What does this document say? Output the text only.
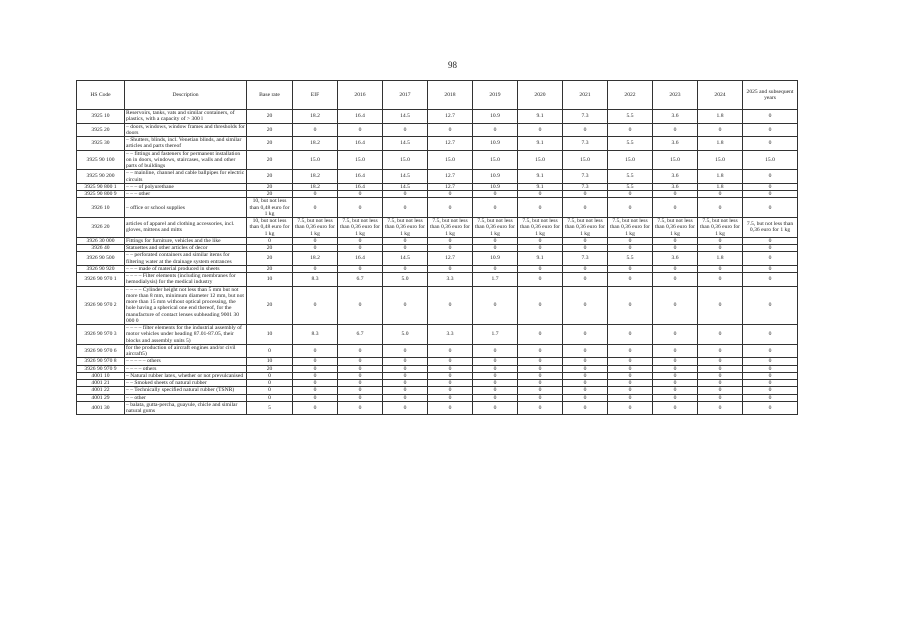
98
HS Code	Description	Base rate	EIF	2016	2017	2018	2019	2020	2021	2022	2023	2024	2025 and subsequent years
3925 10	Reservoirs, tanks, vats and similar containers, of plastics, with a capacity of > 300 l	20	18.2	16.4	14.5	12.7	10.9	9.1	7.3	5.5	3.6	1.8	0
3925 20	– doors, windows, window frames and thresholds for doors	20	0	0	0	0	0	0	0	0	0	0	0
3925 30	– Shutters, blinds, incl. Venetian blinds, and similar articles and parts thereof	20	18.2	16.4	14.5	12.7	10.9	9.1	7.3	5.5	3.6	1.8	0
3925 90 100	– – fittings and fasteners for permanent installation on in doors, windows, staircases, walls and other parts of buildings	20	15.0	15.0	15.0	15.0	15.0	15.0	15.0	15.0	15.0	15.0	15.0
3925 90 200	– – mainline, channel and cable ballpipes for electric circuits	20	18.2	16.4	14.5	12.7	10.9	9.1	7.3	5.5	3.6	1.8	0
3925 90 800 1	– – – of polyurethane	20	18.2	16.4	14.5	12.7	10.9	9.1	7.3	5.5	3.6	1.8	0
3925 90 800 9	– – – other	20	0	0	0	0	0	0	0	0	0	0	0
3926 10	– office or school supplies	10, but not less than 0,48 euro for 1 kg	0	0	0	0	0	0	0	0	0	0	0
3926 20	articles of apparel and clothing accessories, incl. gloves, mittens and mitts	10, but not less than 0,48 euro for 1 kg	7.5, but not less than 0,36 euro for 1 kg	7.5, but not less than 0,36 euro for 1 kg	7.5, but not less than 0,36 euro for 1 kg	7.5, but not less than 0,36 euro for 1 kg	7.5, but not less than 0,36 euro for 1 kg	7.5, but not less than 0,36 euro for 1 kg	7.5, but not less than 0,36 euro for 1 kg	7.5, but not less than 0,36 euro for 1 kg	7.5, but not less than 0,36 euro for 1 kg	7.5, but not less than 0,36 euro for 1 kg	7.5, but not less than 0,36 euro for 1 kg
3926 30 000	Fittings for furniture, vehicles and the like	0	0	0	0	0	0	0	0	0	0	0	0
3926 40	Statuettes and other articles of decor	20	0	0	0	0	0	0	0	0	0	0	0
3926 90 500	– – perforated containers and similar items for filtering water at the drainage system entrances	20	18.2	16.4	14.5	12.7	10.9	9.1	7.3	5.5	3.6	1.8	0
3926 90 920	– – – made of material produced in sheets	20	0	0	0	0	0	0	0	0	0	0	0
3926 90 970 1	– – – – Filter elements (including membranes for hemodialysis) for the medical industry	10	8.3	6.7	5.0	3.3	1.7	0	0	0	0	0	0
3926 90 970 2	– – – – Cylinder height not less than 5 mm but not more than 8 mm, minimum diameter 12 mm, but not more than 15 mm without optical processing, the hole having a spherical one end thereof, for the manufacture of contact lenses subheading 9001 30 000 0	20	0	0	0	0	0	0	0	0	0	0	0
3926 90 970 3	– – – – filter elements for the industrial assembly of motor vehicles under heading 87.01-87.05, their blocks and assembly units 5)	10	8.3	6.7	5.0	3.3	1.7	0	0	0	0	0	0
3926 90 970 6	for the production of aircraft engines and/or civil aircraft5)	0	0	0	0	0	0	0	0	0	0	0	0
3926 90 970 8	– – – – – others	10	0	0	0	0	0	0	0	0	0	0	0
3926 90 970 9	– – – – others	20	0	0	0	0	0	0	0	0	0	0	0
4001 10	– Natural rubber latex, whether or not prevulcanised	0	0	0	0	0	0	0	0	0	0	0	0
4001 21	– – Smoked sheets of natural rubber	0	0	0	0	0	0	0	0	0	0	0	0
4001 22	– – Technically specified natural rubber (TSNR)	0	0	0	0	0	0	0	0	0	0	0	0
4001 29	– – other	0	0	0	0	0	0	0	0	0	0	0	0
4001 30	– balata, gutta-percha, guayule, chicle and similar natural gums	5	0	0	0	0	0	0	0	0	0	0	0
